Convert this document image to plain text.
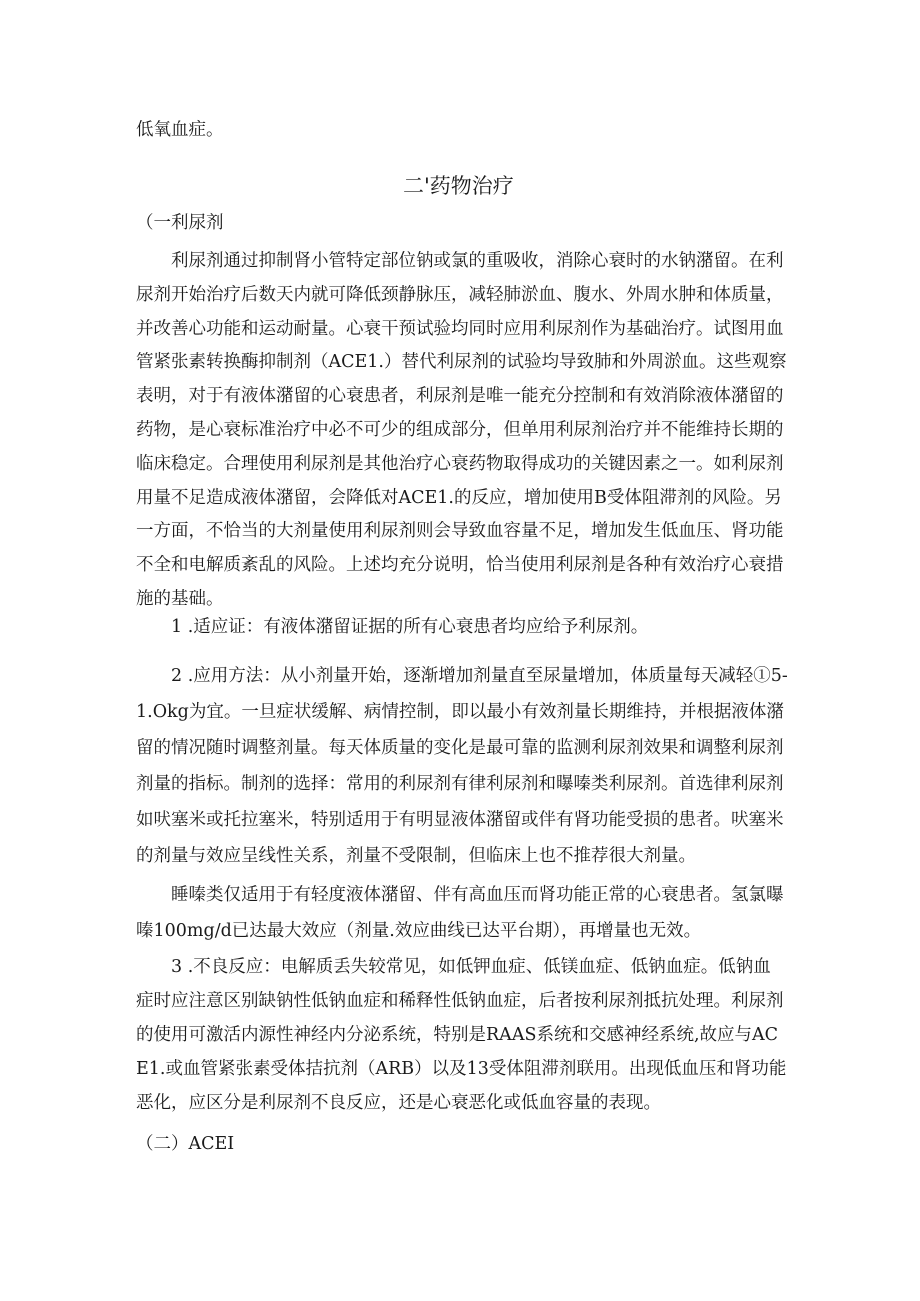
低氧血症。
二'药物治疗
（一利尿剂
利尿剂通过抑制肾小管特定部位钠或氯的重吸收，消除心衰时的水钠潴留。在利尿剂开始治疗后数天内就可降低颈静脉压，减轻肺淤血、腹水、外周水肿和体质量，并改善心功能和运动耐量。心衰干预试验均同时应用利尿剂作为基础治疗。试图用血管紧张素转换酶抑制剂（ACE1.）替代利尿剂的试验均导致肺和外周淤血。这些观察表明，对于有液体潴留的心衰患者，利尿剂是唯一能充分控制和有效消除液体潴留的药物，是心衰标准治疗中必不可少的组成部分，但单用利尿剂治疗并不能维持长期的临床稳定。合理使用利尿剂是其他治疗心衰药物取得成功的关键因素之一。如利尿剂用量不足造成液体潴留，会降低对ACE1.的反应，增加使用B受体阻滞剂的风险。另一方面，不恰当的大剂量使用利尿剂则会导致血容量不足，增加发生低血压、肾功能不全和电解质紊乱的风险。上述均充分说明，恰当使用利尿剂是各种有效治疗心衰措施的基础。
1 .适应证：有液体潴留证据的所有心衰患者均应给予利尿剂。
2 .应用方法：从小剂量开始，逐渐增加剂量直至尿量增加，体质量每天减轻①5-1.Okg为宜。一旦症状缓解、病情控制，即以最小有效剂量长期维持，并根据液体潴留的情况随时调整剂量。每天体质量的变化是最可靠的监测利尿剂效果和调整利尿剂剂量的指标。制剂的选择：常用的利尿剂有律利尿剂和曝嗪类利尿剂。首选律利尿剂如吠塞米或托拉塞米，特别适用于有明显液体潴留或伴有肾功能受损的患者。吠塞米的剂量与效应呈线性关系，剂量不受限制，但临床上也不推荐很大剂量。
睡嗪类仅适用于有轻度液体潴留、伴有高血压而肾功能正常的心衰患者。氢氯曝嗪100mg/d已达最大效应（剂量.效应曲线已达平台期），再增量也无效。
3 .不良反应：电解质丢失较常见，如低钾血症、低镁血症、低钠血症。低钠血症时应注意区别缺钠性低钠血症和稀释性低钠血症，后者按利尿剂抵抗处理。利尿剂的使用可激活内源性神经内分泌系统，特别是RAAS系统和交感神经系统,故应与ACE1.或血管紧张素受体拮抗剂（ARB）以及13受体阻滞剂联用。出现低血压和肾功能恶化，应区分是利尿剂不良反应，还是心衰恶化或低血容量的表现。
（二）ACEI
